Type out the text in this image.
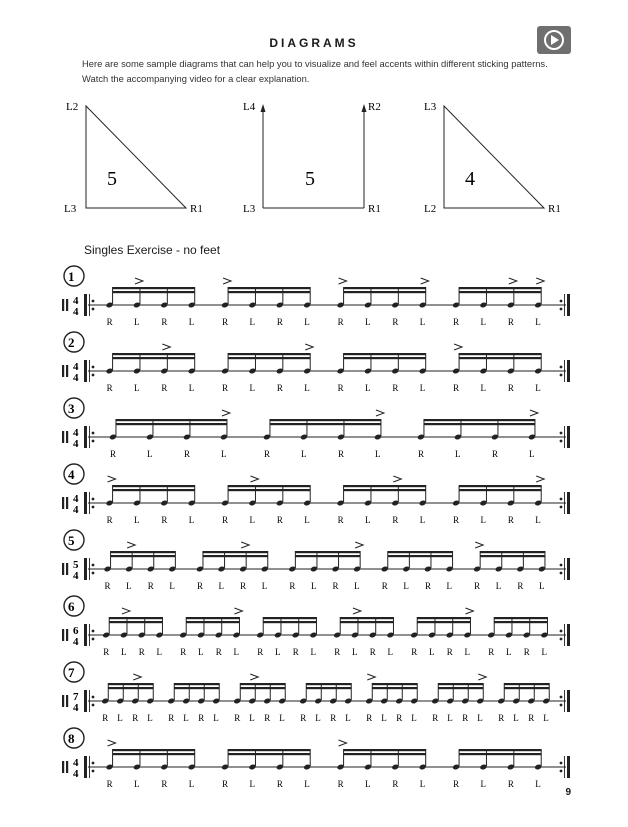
DIAGRAMS
Here are some sample diagrams that can help you to visualize and feel accents within different sticking patterns. Watch the accompanying video for a clear explanation.
L2
L3	R1
5
L4	R2
L3	R1
5
L3
L2	R1
4
Singles Exercise - no feet
1
4
4
R L R L	R L R L	R L R L	R L R L
2
4
4
R L R L	R L R L	R L R L	R L R L
3
4
4
R	L	R	L	R	L	R	L	R	L	R	L
4
4
4
R L R L	R L R L	R L R L	R L R L
5
5
4
R L R L R L R L R L R L R L R L R L R L
6
6
4
R L R L R L R L R L R L R L R L R L R L R L R L
7
7
4
R L R L R L R L R L R L R L R L R L R L R L R L R L R L
8
4
4
R L R L	R L R L	R L R L	R L R L
9
